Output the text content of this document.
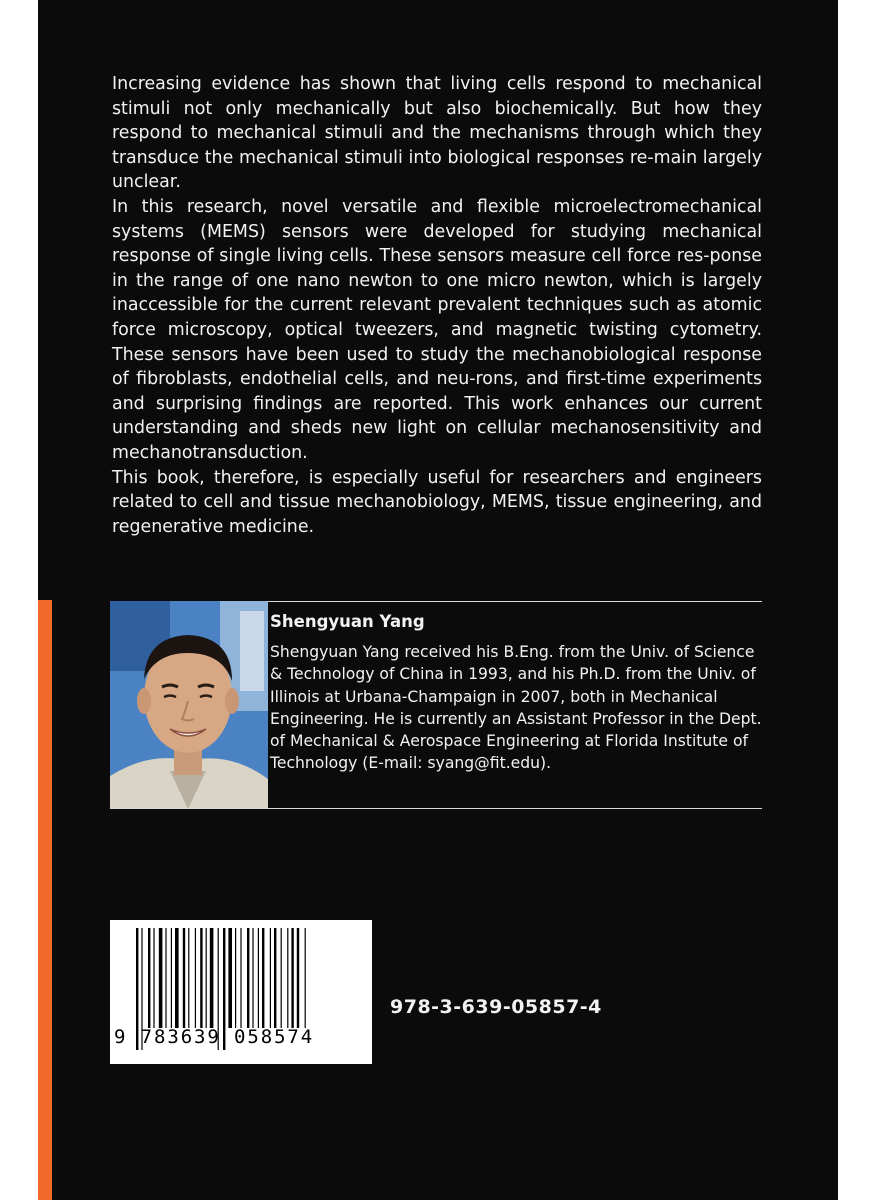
Increasing evidence has shown that living cells respond to mechanical stimuli not only mechanically but also biochemically. But how they respond to mechanical stimuli and the mechanisms through which they transduce the mechanical stimuli into biological responses re-main largely unclear.

In this research, novel versatile and flexible microelectromechanical systems (MEMS) sensors were developed for studying mechanical response of single living cells. These sensors measure cell force res-ponse in the range of one nano newton to one micro newton, which is largely inaccessible for the current relevant prevalent techniques such as atomic force microscopy, optical tweezers, and magnetic twisting cytometry. These sensors have been used to study the mechanobiological response of fibroblasts, endothelial cells, and neu-rons, and first-time experiments and surprising findings are reported. This work enhances our current understanding and sheds new light on cellular mechanosensitivity and mechanotransduction.

This book, therefore, is especially useful for researchers and engineers related to cell and tissue mechanobiology, MEMS, tissue engineering, and regenerative medicine.

Shengyuan Yang
Shengyuan Yang received his B.Eng. from the Univ. of Science & Technology of China in 1993, and his Ph.D. from the Univ. of Illinois at Urbana-Champaign in 2007, both in Mechanical Engineering. He is currently an Assistant Professor in the Dept. of Mechanical & Aerospace Engineering at Florida Institute of Technology (E-mail: syang@fit.edu).
9 783639 058574
978-3-639-05857-4
